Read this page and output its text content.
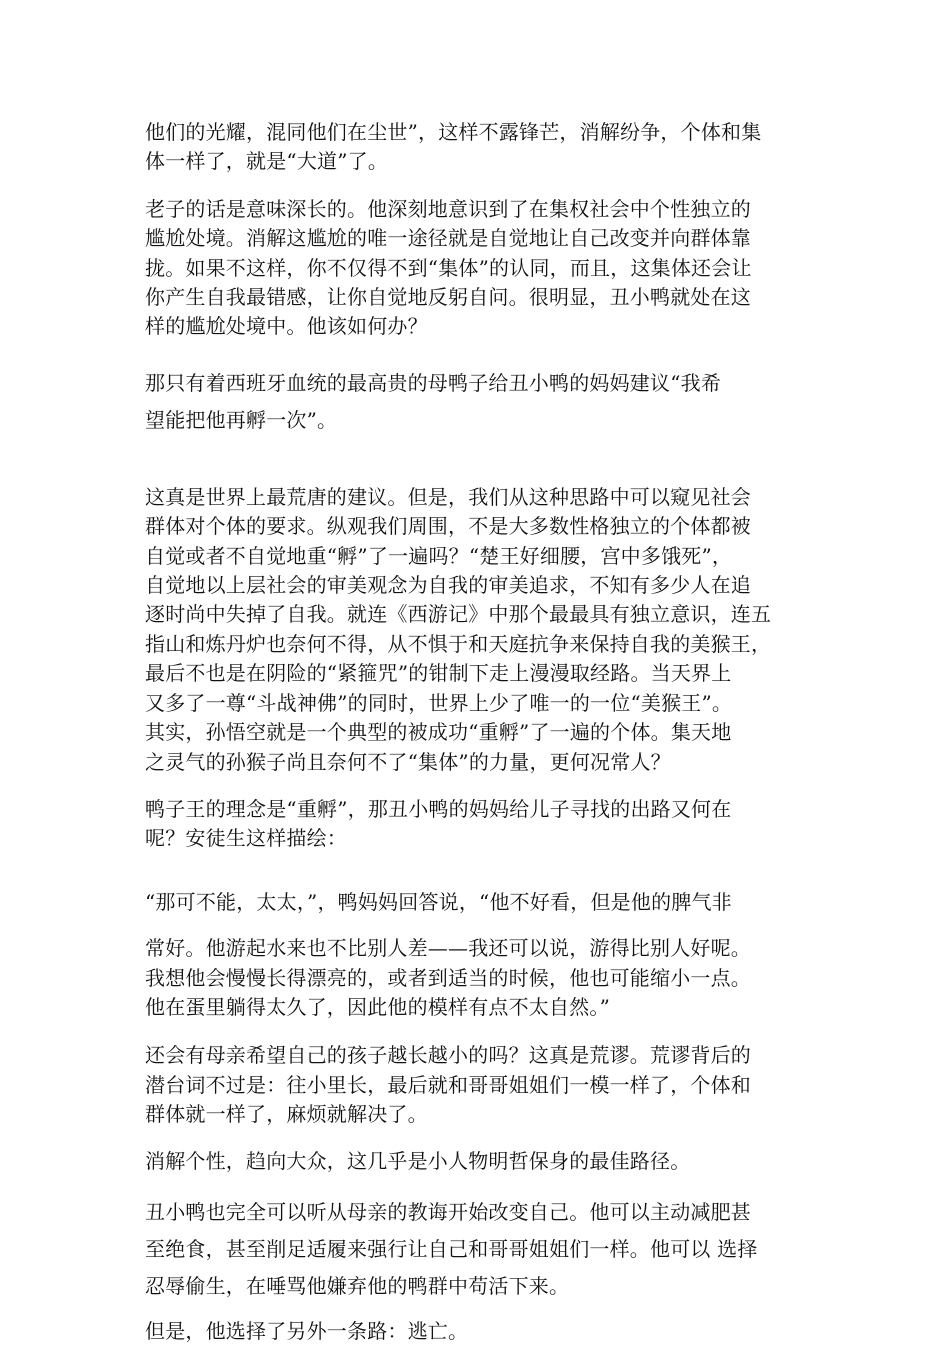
他们的光耀，混同他们在尘世”，这样不露锋芒，消解纷争，个体和集
体一样了，就是“大道”了。

老子的话是意味深长的。他深刻地意识到了在集权社会中个性独立的
尴尬处境。消解这尴尬的唯一途径就是自觉地让自己改变并向群体靠
拢。如果不这样，你不仅得不到“集体”的认同，而且，这集体还会让
你产生自我最错感，让你自觉地反躬自问。很明显，丑小鸭就处在这
样的尴尬处境中。他该如何办？

那只有着西班牙血统的最高贵的母鸭子给丑小鸭的妈妈建议“我希
望能把他再孵一次”。

这真是世界上最荒唐的建议。但是，我们从这种思路中可以窥见社会
群体对个体的要求。纵观我们周围，不是大多数性格独立的个体都被
自觉或者不自觉地重“孵”了一遍吗？“楚王好细腰，宫中多饿死”，
自觉地以上层社会的审美观念为自我的审美追求，不知有多少人在追
逐时尚中失掉了自我。就连《西游记》中那个最最具有独立意识，连五
指山和炼丹炉也奈何不得，从不惧于和天庭抗争来保持自我的美猴王，
最后不也是在阴险的“紧箍咒”的钳制下走上漫漫取经路。当天界上
又多了一尊“斗战神佛”的同时，世界上少了唯一的一位“美猴王”。
其实，孙悟空就是一个典型的被成功“重孵”了一遍的个体。集天地
之灵气的孙猴子尚且奈何不了“集体”的力量，更何况常人？

鸭子王的理念是“重孵”，那丑小鸭的妈妈给儿子寻找的出路又何在
呢？安徒生这样描绘：

“那可不能，太太，”，鸭妈妈回答说，“他不好看，但是他的脾气非

常好。他游起水来也不比别人差——我还可以说，游得比别人好呢。
我想他会慢慢长得漂亮的，或者到适当的时候，他也可能缩小一点。
他在蛋里躺得太久了，因此他的模样有点不太自然。”

还会有母亲希望自己的孩子越长越小的吗？这真是荒谬。荒谬背后的
潜台词不过是：往小里长，最后就和哥哥姐姐们一模一样了，个体和
群体就一样了，麻烦就解决了。

消解个性，趋向大众，这几乎是小人物明哲保身的最佳路径。

丑小鸭也完全可以听从母亲的教诲开始改变自己。他可以主动减肥甚
至绝食，甚至削足适履来强行让自己和哥哥姐姐们一样。他可以 选择
忍辱偷生，在唾骂他嫌弃他的鸭群中苟活下来。

但是，他选择了另外一条路：逃亡。
